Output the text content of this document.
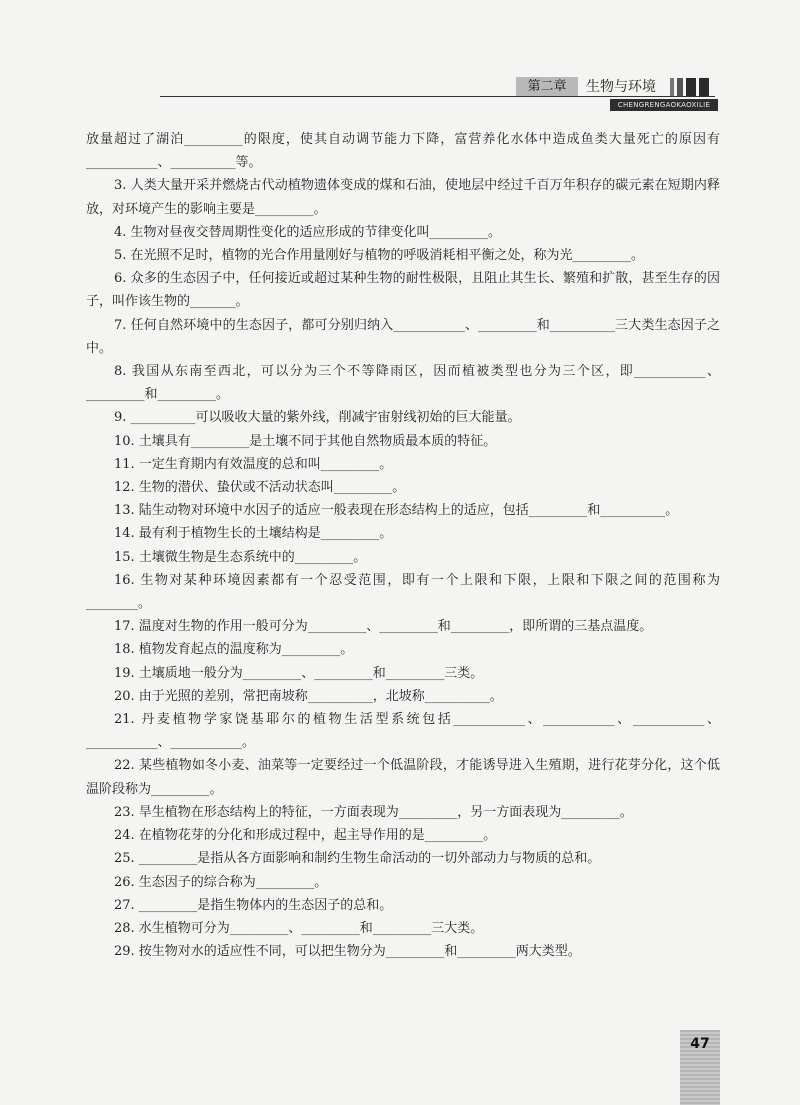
第二章	生物与环境
CHENGRENGAOKAOXILIE

放量超过了湖泊_________的限度，使其自动调节能力下降，富营养化水体中造成鱼类大量死亡的原因有___________、__________等。

3. 人类大量开采并燃烧古代动植物遗体变成的煤和石油，使地层中经过千百万年积存的碳元素在短期内释放，对环境产生的影响主要是_________。

4. 生物对昼夜交替周期性变化的适应形成的节律变化叫_________。

5. 在光照不足时，植物的光合作用量刚好与植物的呼吸消耗相平衡之处，称为光_________。

6. 众多的生态因子中，任何接近或超过某种生物的耐性极限，且阻止其生长、繁殖和扩散，甚至生存的因子，叫作该生物的_______。

7. 任何自然环境中的生态因子，都可分别归纳入___________、_________和__________三大类生态因子之中。

8. 我国从东南至西北，可以分为三个不等降雨区，因而植被类型也分为三个区，即___________、_________和_________。

9. __________可以吸收大量的紫外线，削减宇宙射线初始的巨大能量。

10. 土壤具有_________是土壤不同于其他自然物质最本质的特征。

11. 一定生育期内有效温度的总和叫_________。

12. 生物的潜伏、蛰伏或不活动状态叫_________。

13. 陆生动物对环境中水因子的适应一般表现在形态结构上的适应，包括_________和__________。

14. 最有利于植物生长的土壤结构是_________。

15. 土壤微生物是生态系统中的_________。

16. 生物对某种环境因素都有一个忍受范围，即有一个上限和下限，上限和下限之间的范围称为________。

17. 温度对生物的作用一般可分为_________、_________和_________，即所谓的三基点温度。

18. 植物发育起点的温度称为_________。

19. 土壤质地一般分为_________、_________和_________三类。

20. 由于光照的差别，常把南坡称__________，北坡称__________。

21. 丹麦植物学家饶基耶尔的植物生活型系统包括___________、___________、___________、___________、___________。

22. 某些植物如冬小麦、油菜等一定要经过一个低温阶段，才能诱导进入生殖期，进行花芽分化，这个低温阶段称为_________。

23. 旱生植物在形态结构上的特征，一方面表现为_________，另一方面表现为_________。

24. 在植物花芽的分化和形成过程中，起主导作用的是_________。

25. _________是指从各方面影响和制约生物生命活动的一切外部动力与物质的总和。

26. 生态因子的综合称为_________。

27. _________是指生物体内的生态因子的总和。

28. 水生植物可分为_________、_________和_________三大类。

29. 按生物对水的适应性不同，可以把生物分为_________和_________两大类型。

47
